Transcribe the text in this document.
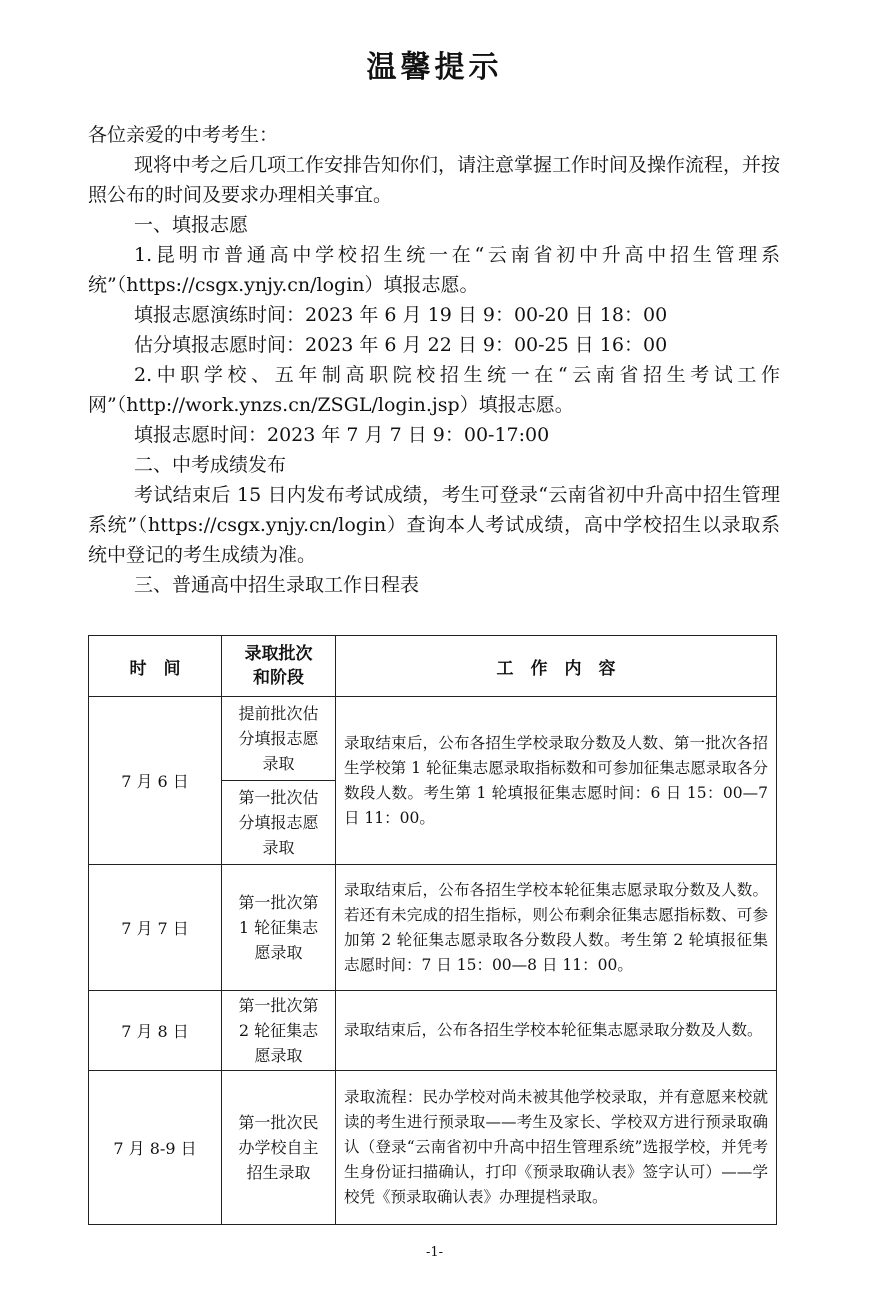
温馨提示

各位亲爱的中考考生：

现将中考之后几项工作安排告知你们，请注意掌握工作时间及操作流程，并按照公布的时间及要求办理相关事宜。

一、填报志愿

1.昆明市普通高中学校招生统一在“云南省初中升高中招生管理系统”（https://csgx.ynjy.cn/login）填报志愿。

填报志愿演练时间：2023 年 6 月 19 日 9：00-20 日 18：00

估分填报志愿时间：2023 年 6 月 22 日 9：00-25 日 16：00

2.中职学校、五年制高职院校招生统一在“云南省招生考试工作网”（http://work.ynzs.cn/ZSGL/login.jsp）填报志愿。

填报志愿时间：2023 年 7 月 7 日 9：00-17:00

二、中考成绩发布

考试结束后 15 日内发布考试成绩，考生可登录“云南省初中升高中招生管理系统”（https://csgx.ynjy.cn/login）查询本人考试成绩，高中学校招生以录取系统中登记的考生成绩为准。

三、普通高中招生录取工作日程表

时　间	录取批次和阶段	工　作　内　容
7 月 6 日	提前批次估分填报志愿录取	录取结束后，公布各招生学校录取分数及人数、第一批次各招生学校第 1 轮征集志愿录取指标数和可参加征集志愿录取各分数段人数。考生第 1 轮填报征集志愿时间：6 日 15：00—7 日 11：00。
	第一批次估分填报志愿录取	
7 月 7 日	第一批次第 1 轮征集志愿录取	录取结束后，公布各招生学校本轮征集志愿录取分数及人数。若还有未完成的招生指标，则公布剩余征集志愿指标数、可参加第 2 轮征集志愿录取各分数段人数。考生第 2 轮填报征集志愿时间：7 日 15：00—8 日 11：00。
7 月 8 日	第一批次第 2 轮征集志愿录取	录取结束后，公布各招生学校本轮征集志愿录取分数及人数。
7 月 8-9 日	第一批次民办学校自主招生录取	录取流程：民办学校对尚未被其他学校录取，并有意愿来校就读的考生进行预录取——考生及家长、学校双方进行预录取确认（登录“云南省初中升高中招生管理系统”选报学校，并凭考生身份证扫描确认，打印《预录取确认表》签字认可）——学校凭《预录取确认表》办理提档录取。
-1-
